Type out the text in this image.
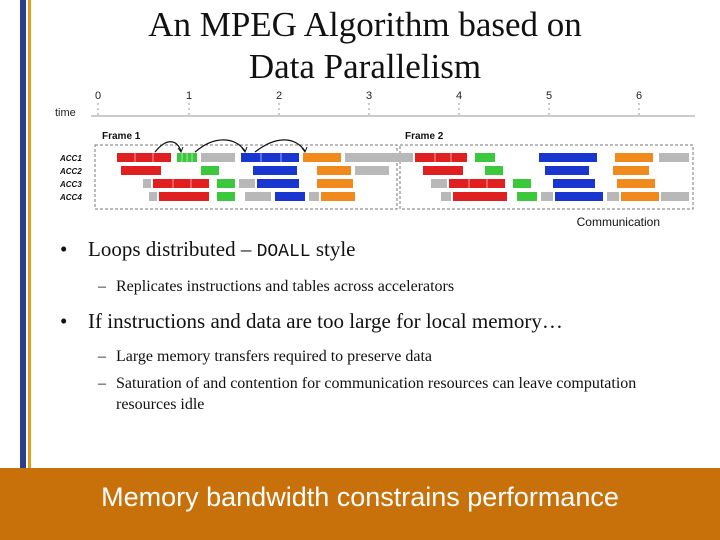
An MPEG Algorithm based on
Data Parallelism
time
0	1	2	3	4	5	6
Frame 1	Frame 2
ACC1
ACC2
ACC3
ACC4
Communication
• Loops distributed – DOALL style
– Replicates instructions and tables across accelerators
• If instructions and data are too large for local memory…
– Large memory transfers required to preserve data
– Saturation of and contention for communication resources can leave computation resources idle
Memory bandwidth constrains performance
